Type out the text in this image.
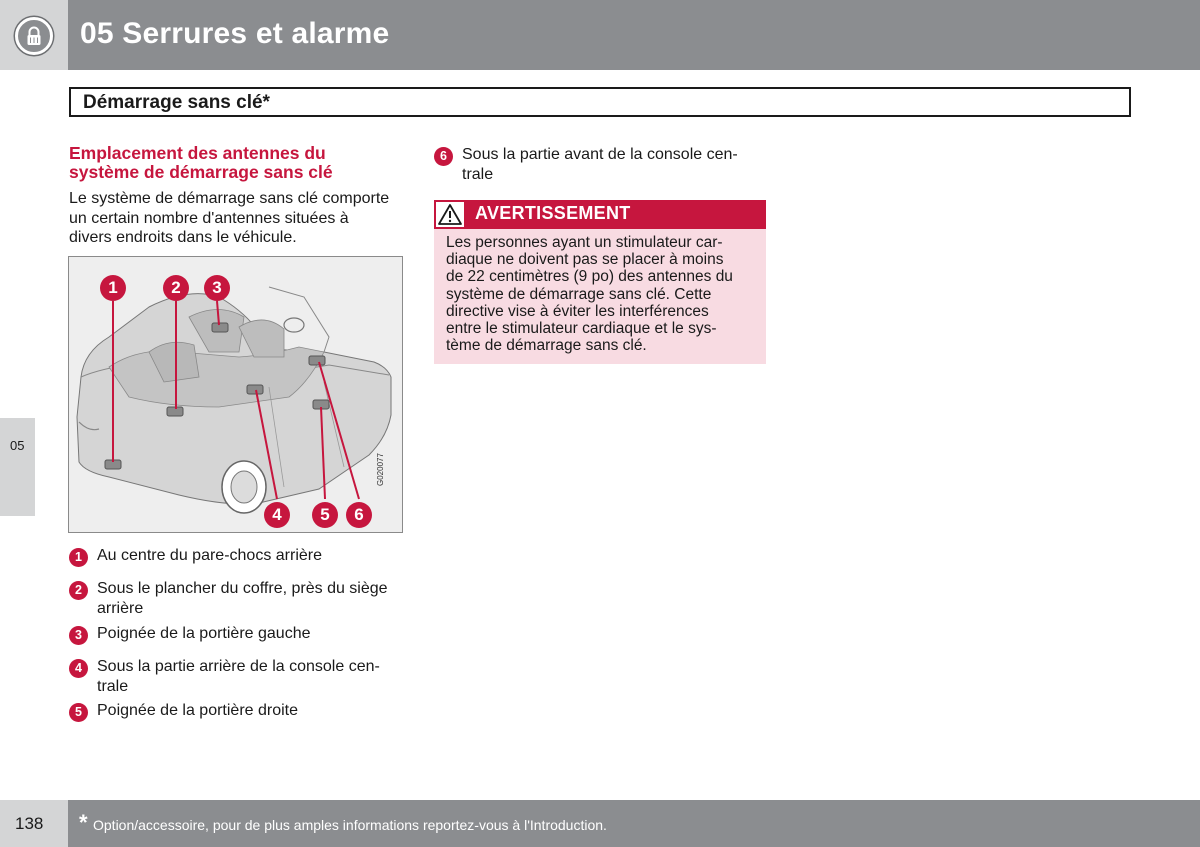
05 Serrures et alarme
Démarrage sans clé*
Emplacement des antennes du
système de démarrage sans clé
Le système de démarrage sans clé comporte
un certain nombre d'antennes situées à
divers endroits dans le véhicule.
1	2	3
4	5	6
G020077
1 Au centre du pare-chocs arrière
2 Sous le plancher du coffre, près du siège
arrière
3 Poignée de la portière gauche
4 Sous la partie arrière de la console cen-
trale
5 Poignée de la portière droite
6 Sous la partie avant de la console cen-
trale
AVERTISSEMENT
Les personnes ayant un stimulateur car-
diaque ne doivent pas se placer à moins
de 22 centimètres (9 po) des antennes du
système de démarrage sans clé. Cette
directive vise à éviter les interférences
entre le stimulateur cardiaque et le sys-
tème de démarrage sans clé.
05
138 * Option/accessoire, pour de plus amples informations reportez-vous à l'Introduction.
